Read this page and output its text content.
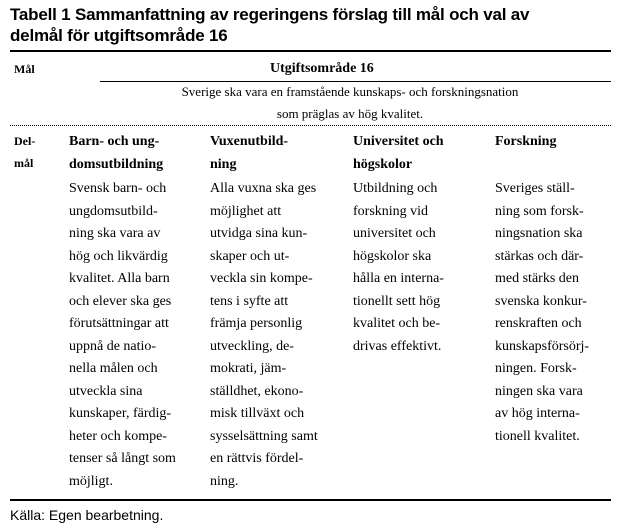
Tabell 1 Sammanfattning av regeringens förslag till mål och val av
delmål för utgiftsområde 16
Mål	Utgiftsområde 16
Sverige ska vara en framstående kunskaps- och forskningsnation
som präglas av hög kvalitet.
Del-
mål
Barn- och ung-
domsutbildning
Svensk barn- och
ungdomsutbild-
ning ska vara av
hög och likvärdig
kvalitet. Alla barn
och elever ska ges
förutsättningar att
uppnå de natio-
nella målen och
utveckla sina
kunskaper, färdig-
heter och kompe-
tenser så långt som
möjligt.
Vuxenutbild-
ning
Alla vuxna ska ges
möjlighet att
utvidga sina kun-
skaper och ut-
veckla sin kompe-
tens i syfte att
främja personlig
utveckling, de-
mokrati, jäm-
ställdhet, ekono-
misk tillväxt och
sysselsättning samt
en rättvis fördel-
ning.
Universitet och
högskolor
Utbildning och
forskning vid
universitet och
högskolor ska
hålla en interna-
tionellt sett hög
kvalitet och be-
drivas effektivt.
Forskning
Sveriges ställ-
ning som forsk-
ningsnation ska
stärkas och där-
med stärks den
svenska konkur-
renskraften och
kunskapsförsörj-
ningen. Forsk-
ningen ska vara
av hög interna-
tionell kvalitet.
Källa: Egen bearbetning.
